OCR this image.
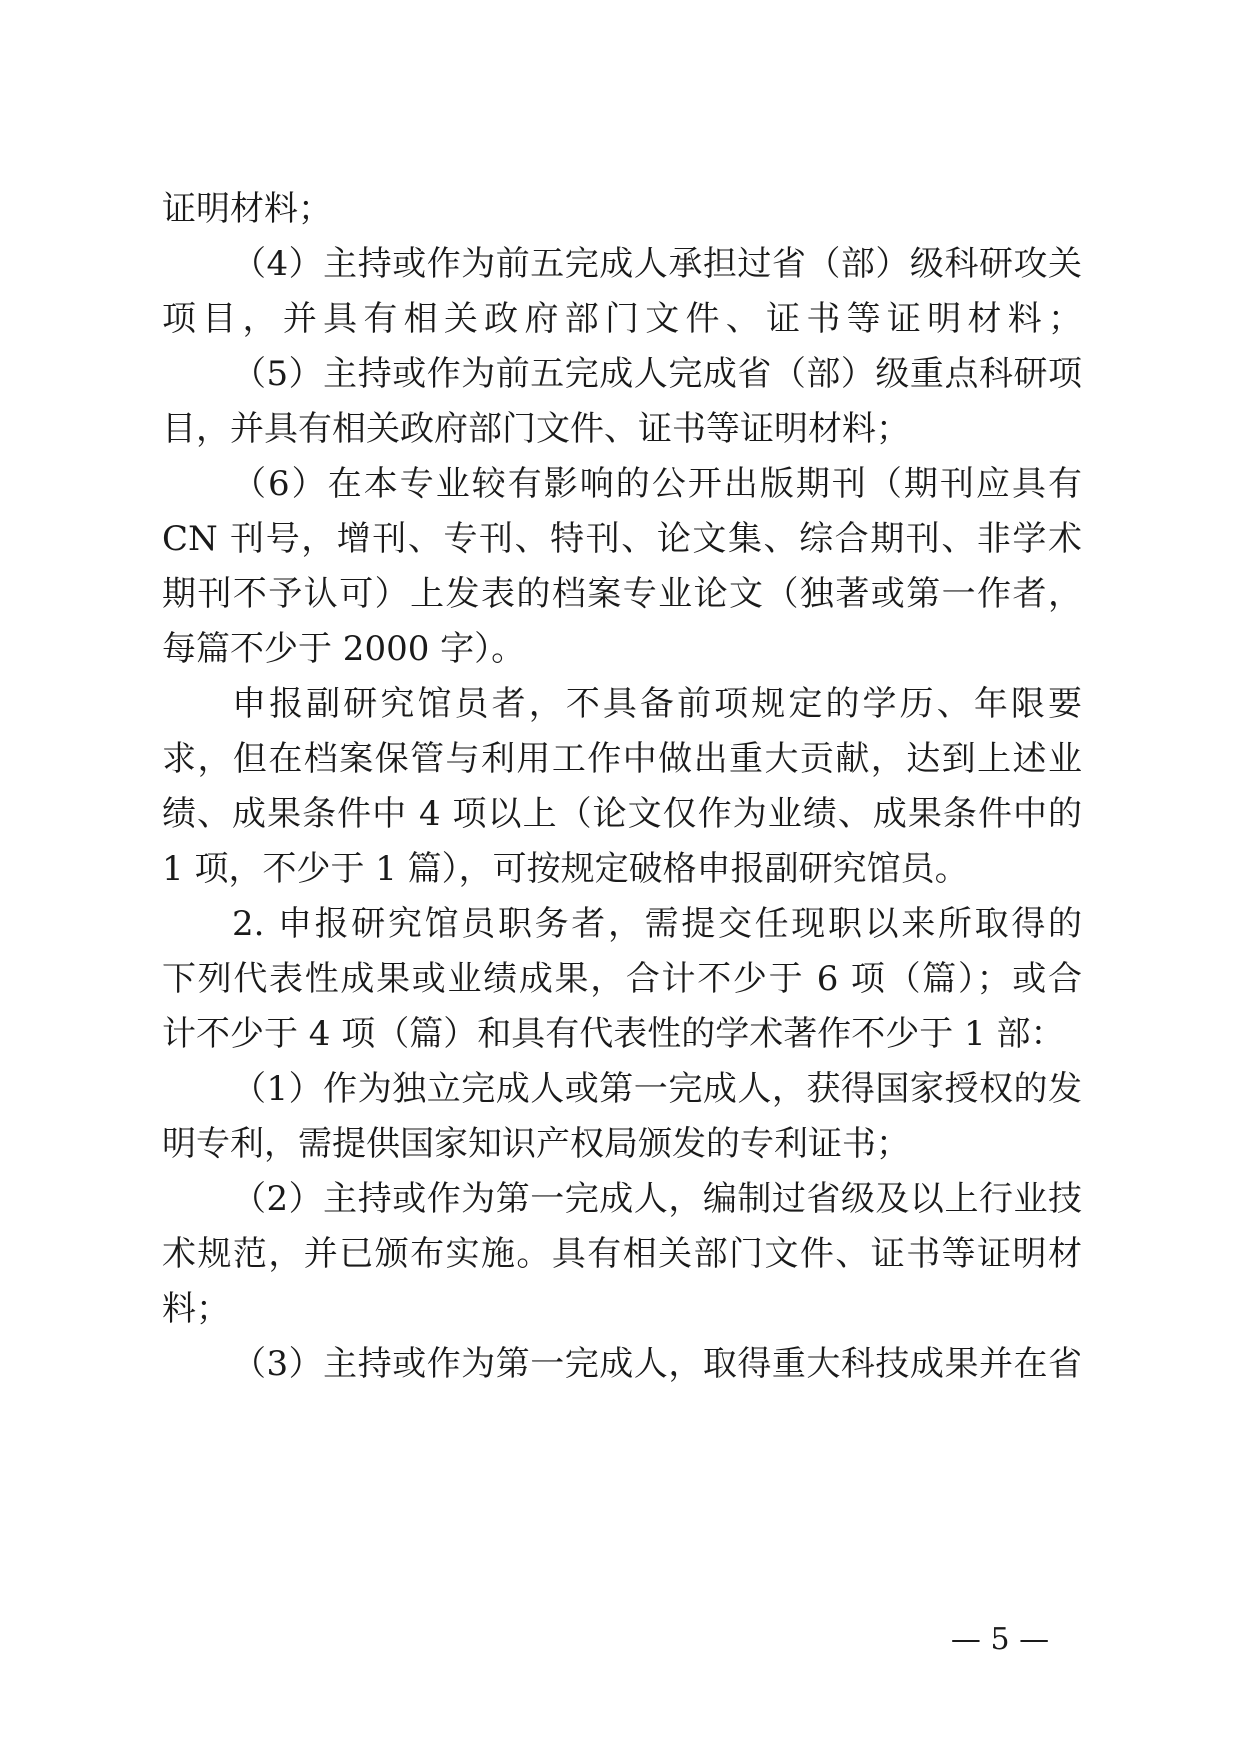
证明材料；
（4）主持或作为前五完成人承担过省（部）级科研攻关
项目，并具有相关政府部门文件、证书等证明材料；
（5）主持或作为前五完成人完成省（部）级重点科研项
目，并具有相关政府部门文件、证书等证明材料；
（6）在本专业较有影响的公开出版期刊（期刊应具有
CN 刊号，增刊、专刊、特刊、论文集、综合期刊、非学术
期刊不予认可）上发表的档案专业论文（独著或第一作者，
每篇不少于 2000 字）。
申报副研究馆员者，不具备前项规定的学历、年限要
求，但在档案保管与利用工作中做出重大贡献，达到上述业
绩、成果条件中 4 项以上（论文仅作为业绩、成果条件中的
1 项，不少于 1 篇），可按规定破格申报副研究馆员。
2. 申报研究馆员职务者，需提交任现职以来所取得的
下列代表性成果或业绩成果，合计不少于 6 项（篇）；或合
计不少于 4 项（篇）和具有代表性的学术著作不少于 1 部：
（1）作为独立完成人或第一完成人，获得国家授权的发
明专利，需提供国家知识产权局颁发的专利证书；
（2）主持或作为第一完成人，编制过省级及以上行业技
术规范，并已颁布实施。具有相关部门文件、证书等证明材
料；
（3）主持或作为第一完成人，取得重大科技成果并在省
— 5 —
